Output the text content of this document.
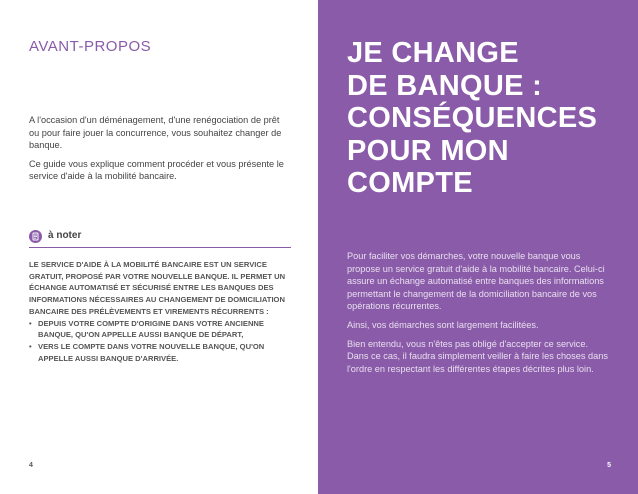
AVANT-PROPOS

A l'occasion d'un déménagement, d'une renégociation de prêt ou pour faire jouer la concurrence, vous souhaitez changer de banque.

Ce guide vous explique comment procéder et vous présente le service d'aide à la mobilité bancaire.

à noter

LE SERVICE D'AIDE À LA MOBILITÉ BANCAIRE EST UN SERVICE GRATUIT, PROPOSÉ PAR VOTRE NOUVELLE BANQUE. IL PERMET UN ÉCHANGE AUTOMATISÉ ET SÉCURISÉ ENTRE LES BANQUES DES INFORMATIONS NÉCESSAIRES AU CHANGEMENT DE DOMICILIATION BANCAIRE DES PRÉLÈVEMENTS ET VIREMENTS RÉCURRENTS :

• DEPUIS VOTRE COMPTE D'ORIGINE DANS VOTRE ANCIENNE BANQUE, QU'ON APPELLE AUSSI BANQUE DE DÉPART,
• VERS LE COMPTE DANS VOTRE NOUVELLE BANQUE, QU'ON APPELLE AUSSI BANQUE D'ARRIVÉE.
4
JE CHANGE
DE BANQUE :
CONSÉQUENCES
POUR MON
COMPTE

Pour faciliter vos démarches, votre nouvelle banque vous propose un service gratuit d'aide à la mobilité bancaire. Celui-ci assure un échange automatisé entre banques des informations permettant le changement de la domiciliation bancaire de vos opérations récurrentes.

Ainsi, vos démarches sont largement facilitées.

Bien entendu, vous n'êtes pas obligé d'accepter ce service. Dans ce cas, il faudra simplement veiller à faire les choses dans l'ordre en respectant les différentes étapes décrites plus loin.

5
